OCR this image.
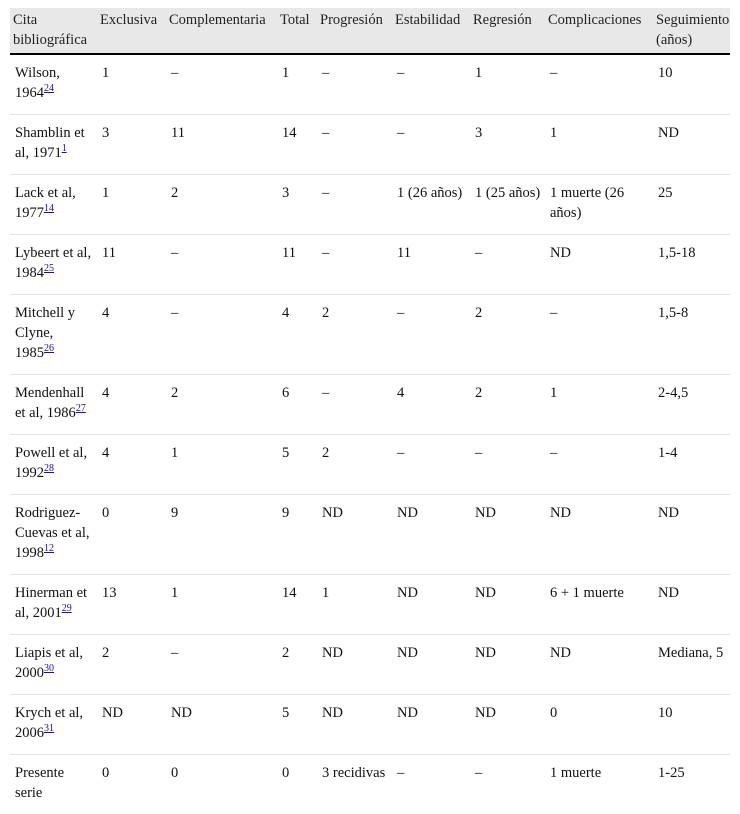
Cita bibliográfica	Exclusiva	Complementaria	Total	Progresión	Estabilidad	Regresión	Complicaciones	Seguimiento (años)
Wilson, 1964$^{24}$	1	–	1	–	–	1	–	10
Shamblin et al, 1971$^1$	3	11	14	–	–	3	1	ND
Lack et al, 1977$^{14}$	1	2	3	–	1 (26 años)	1 (25 años)	1 muerte (26 años)	25
Lybeert et al, 1984$^{25}$	11	–	11	–	11	–	ND	1,5-18
Mitchell y Clyne, 1985$^{26}$	4	–	4	2	–	2	–	1,5-8
Mendenhall et al, 1986$^{27}$	4	2	6	–	4	2	1	2-4,5
Powell et al, 1992$^{28}$	4	1	5	2	–	–	–	1-4
Rodriguez-Cuevas et al, 1998$^{12}$	0	9	9	ND	ND	ND	ND	ND
Hinerman et al, 2001$^{29}$	13	1	14	1	ND	ND	6 + 1 muerte	ND
Liapis et al, 2000$^{30}$	2	–	2	ND	ND	ND	ND	Mediana, 5
Krych et al, 2006$^{31}$	ND	ND	5	ND	ND	ND	0	10
Presente serie	0	0	0	3 recidivas	–	–	1 muerte	1-25
